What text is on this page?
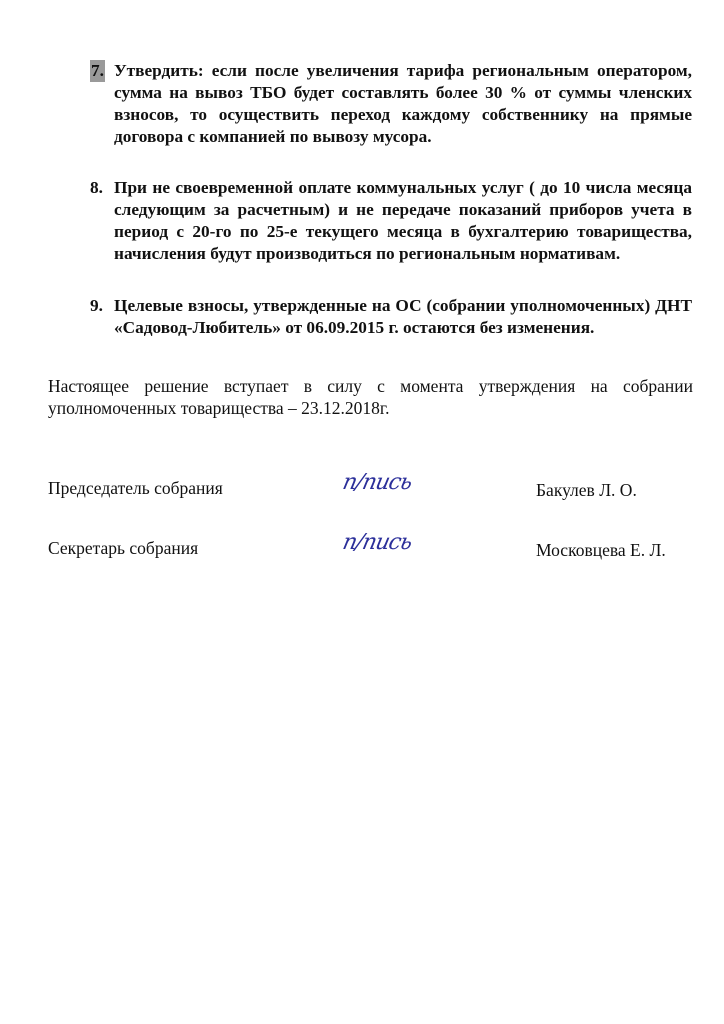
7. Утвердить: если после увеличения тарифа региональным оператором, сумма на вывоз ТБО будет составлять более 30 % от суммы членских взносов, то осуществить переход каждому собственнику на прямые договора с компанией по вывозу мусора.
8. При не своевременной оплате коммунальных услуг ( до 10 числа месяца следующим за расчетным) и не передаче показаний приборов учета в период с 20-го по 25-е текущего месяца в бухгалтерию товарищества, начисления будут производиться по региональным нормативам.
9. Целевые взносы, утвержденные на ОС (собрании уполномоченных) ДНТ «Садовод-Любитель» от 06.09.2015 г. остаются без изменения.
Настоящее решение вступает в силу с момента утверждения на собрании уполномоченных товарищества – 23.12.2018г.
Председатель собрания	п/пись	Бакулев Л. О.
Секретарь собрания	п/пись	Московцева Е. Л.
